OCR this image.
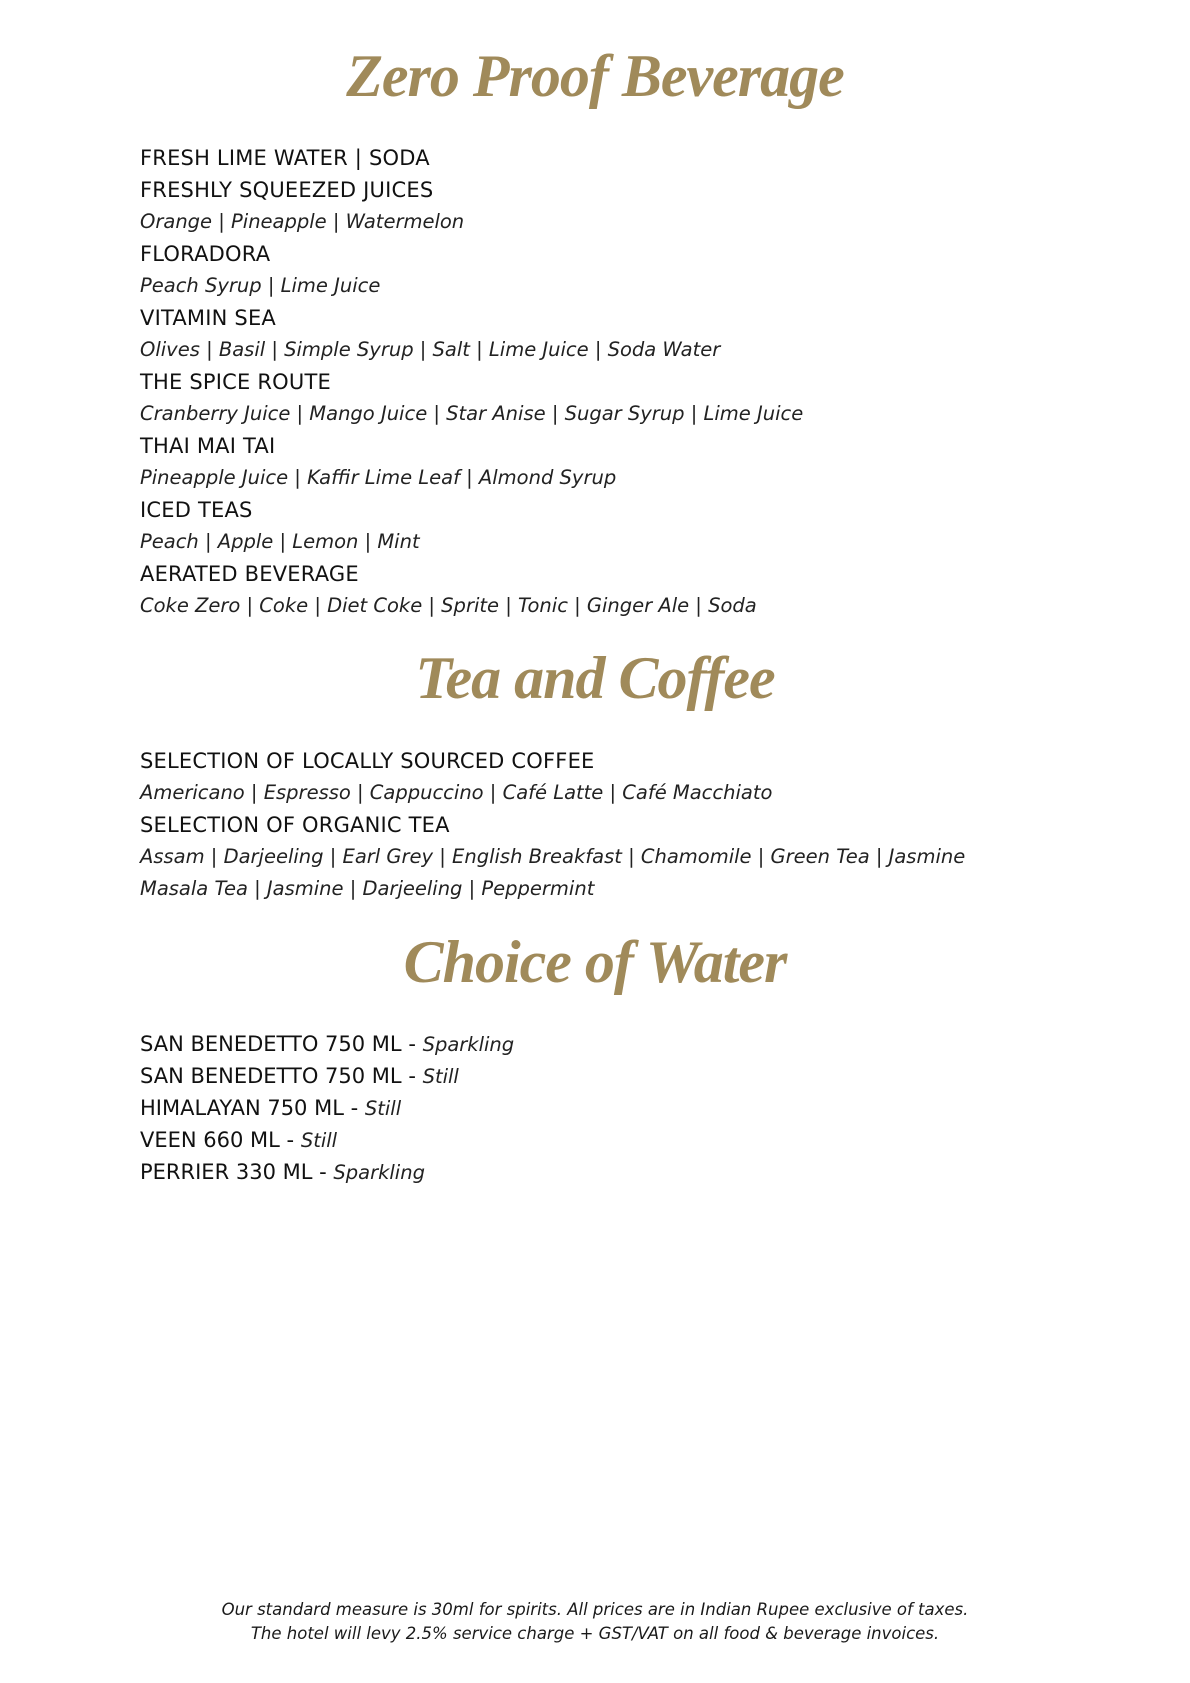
Zero Proof Beverage
FRESH LIME WATER | SODA
FRESHLY SQUEEZED JUICES
Orange | Pineapple | Watermelon
FLORADORA
Peach Syrup | Lime Juice
VITAMIN SEA
Olives | Basil | Simple Syrup | Salt | Lime Juice | Soda Water
THE SPICE ROUTE
Cranberry Juice | Mango Juice | Star Anise | Sugar Syrup | Lime Juice
THAI MAI TAI
Pineapple Juice | Kaffir Lime Leaf | Almond Syrup
ICED TEAS
Peach | Apple | Lemon | Mint
AERATED BEVERAGE
Coke Zero | Coke | Diet Coke | Sprite | Tonic | Ginger Ale | Soda
Tea and Coffee
SELECTION OF LOCALLY SOURCED COFFEE
Americano | Espresso | Cappuccino | Café Latte | Café Macchiato
SELECTION OF ORGANIC TEA
Assam | Darjeeling | Earl Grey | English Breakfast | Chamomile | Green Tea | Jasmine
Masala Tea | Jasmine | Darjeeling | Peppermint
Choice of Water
SAN BENEDETTO 750 ML - Sparkling
SAN BENEDETTO 750 ML - Still
HIMALAYAN 750 ML - Still
VEEN 660 ML - Still
PERRIER 330 ML - Sparkling
Our standard measure is 30ml for spirits. All prices are in Indian Rupee exclusive of taxes.
The hotel will levy 2.5% service charge + GST/VAT on all food & beverage invoices.
